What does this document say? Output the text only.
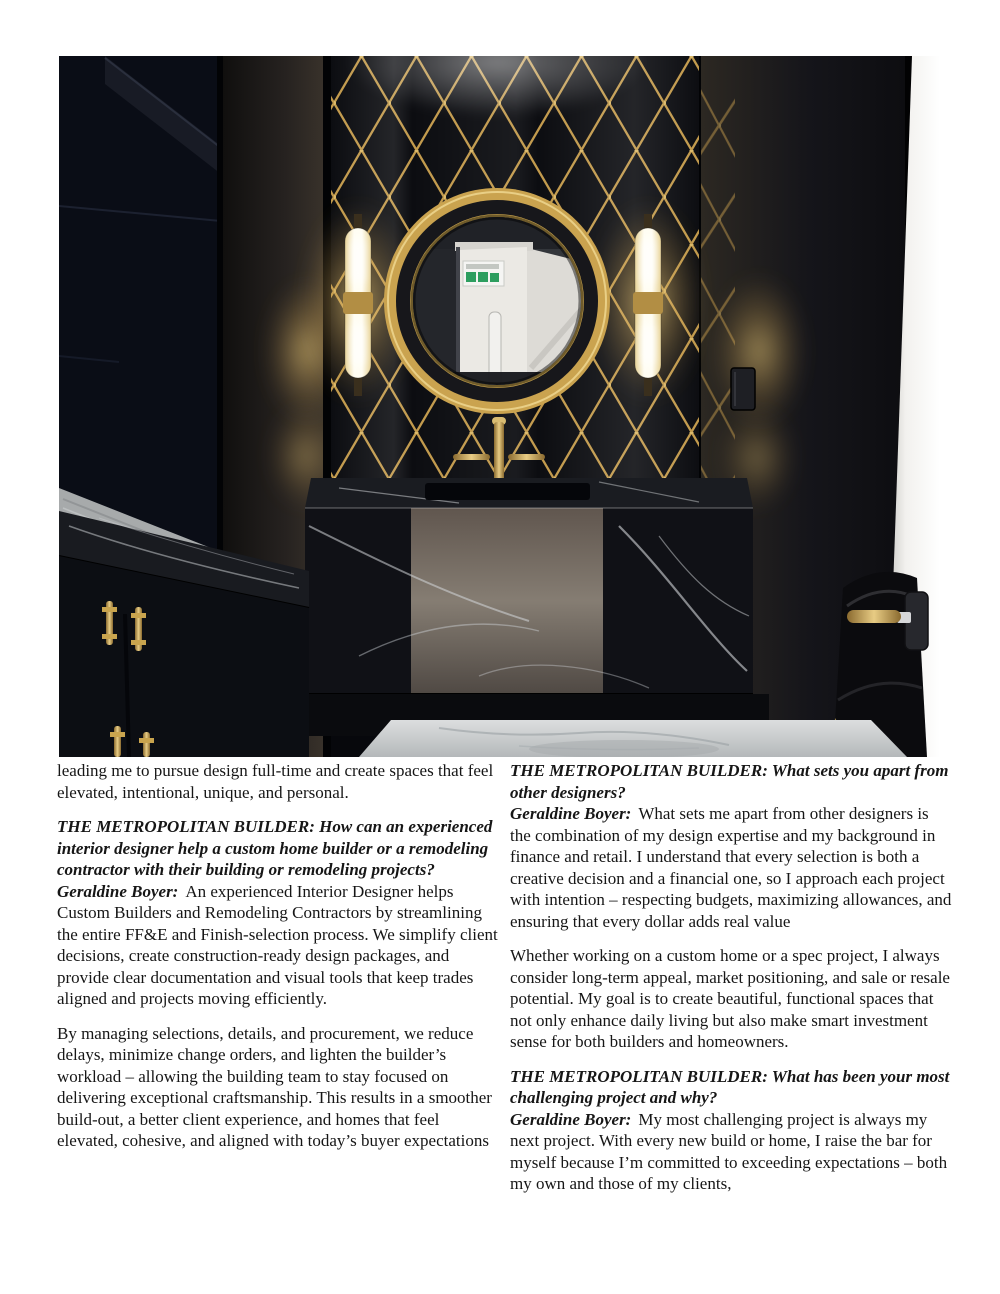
leading me to pursue design full-time and create spaces that feel elevated, intentional, unique, and personal.
THE METROPOLITAN BUILDER: How can an experienced interior designer help a custom home builder or a remodeling contractor with their building or remodeling projects?
Geraldine Boyer: An experienced Interior Designer helps Custom Builders and Remodeling Contractors by streamlining the entire FF&E and Finish-selection process. We simplify client decisions, create construction-ready design packages, and provide clear documentation and visual tools that keep trades aligned and projects moving efficiently.
By managing selections, details, and procurement, we reduce delays, minimize change orders, and lighten the builder’s workload – allowing the building team to stay focused on delivering exceptional craftsmanship. This results in a smoother build-out, a better client experience, and homes that feel elevated, cohesive, and aligned with today’s buyer expectations
THE METROPOLITAN BUILDER: What sets you apart from other designers?
Geraldine Boyer: What sets me apart from other designers is the combination of my design expertise and my background in finance and retail. I understand that every selection is both a creative decision and a financial one, so I approach each project with intention – respecting budgets, maximizing allowances, and ensuring that every dollar adds real value
Whether working on a custom home or a spec project, I always consider long-term appeal, market positioning, and sale or resale potential. My goal is to create beautiful, functional spaces that not only enhance daily living but also make smart investment sense for both builders and homeowners.
THE METROPOLITAN BUILDER: What has been your most challenging project and why?
Geraldine Boyer: My most challenging project is always my next project. With every new build or home, I raise the bar for myself because I’m committed to exceeding expectations – both my own and those of my clients,
